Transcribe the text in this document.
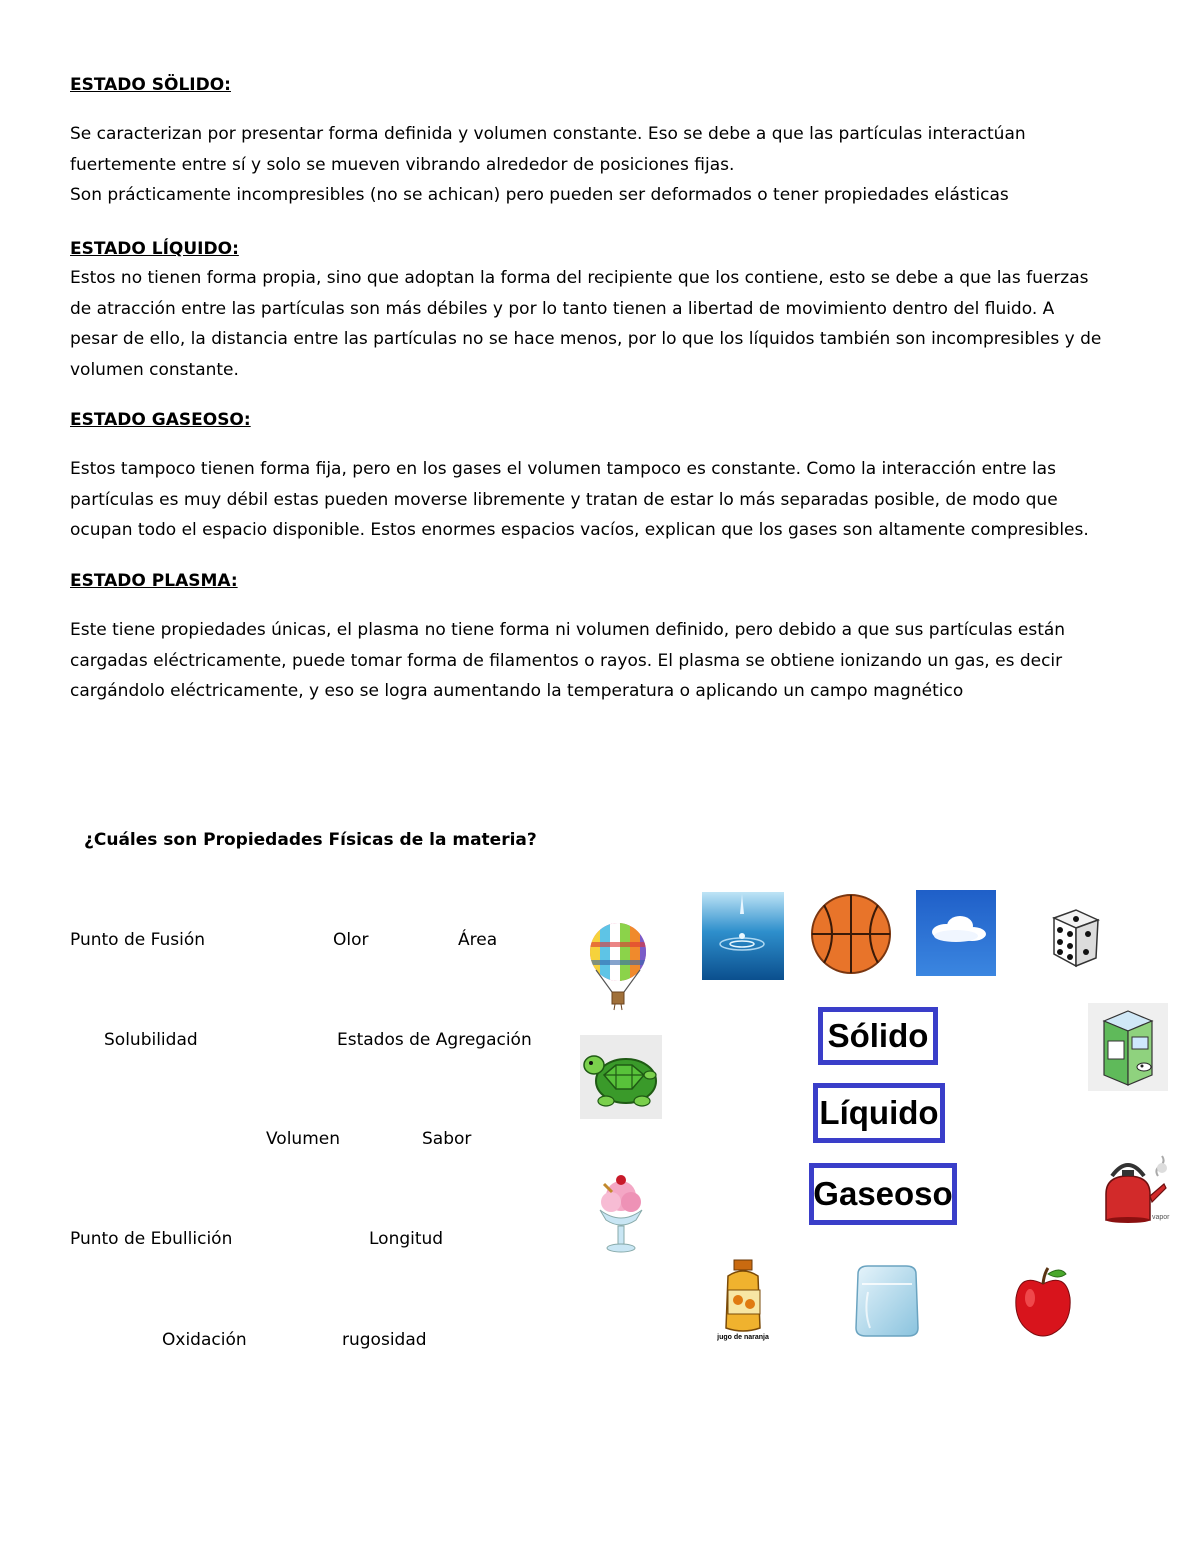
ESTADO SÖLIDO:
Se caracterizan por presentar forma definida y volumen constante. Eso se debe a que las partículas interactúan
fuertemente entre sí y solo se mueven vibrando alrededor de posiciones fijas.
Son prácticamente incompresibles (no se achican) pero pueden ser deformados o tener propiedades elásticas
ESTADO LÍQUIDO:
Estos no tienen forma propia, sino que adoptan la forma del recipiente que los contiene, esto se debe a que las fuerzas
de atracción entre las partículas son más débiles y por lo tanto tienen a libertad de movimiento dentro del fluido. A
pesar de ello, la distancia entre las partículas no se hace menos, por lo que los líquidos también son incompresibles y de
volumen constante.
ESTADO GASEOSO:
Estos tampoco tienen forma fija, pero en los gases el volumen tampoco es constante. Como la interacción entre las
partículas es muy débil estas pueden moverse libremente y tratan de estar lo más separadas posible, de modo que
ocupan todo el espacio disponible. Estos enormes espacios vacíos, explican que los gases son altamente compresibles.
ESTADO PLASMA:
Este tiene propiedades únicas, el plasma no tiene forma ni volumen definido, pero debido a que sus partículas están
cargadas eléctricamente, puede tomar forma de filamentos o rayos. El plasma se obtiene ionizando un gas, es decir
cargándolo eléctricamente, y eso se logra aumentando la temperatura o aplicando un campo magnético
¿Cuáles son Propiedades Físicas de la materia?
Punto de Fusión	Olor	Área
Solubilidad	Estados de Agregación
Volumen	Sabor
Punto de Ebullición	Longitud
Oxidación	rugosidad
Sólido
Líquido
Gaseoso
vapor
jugo de naranja
